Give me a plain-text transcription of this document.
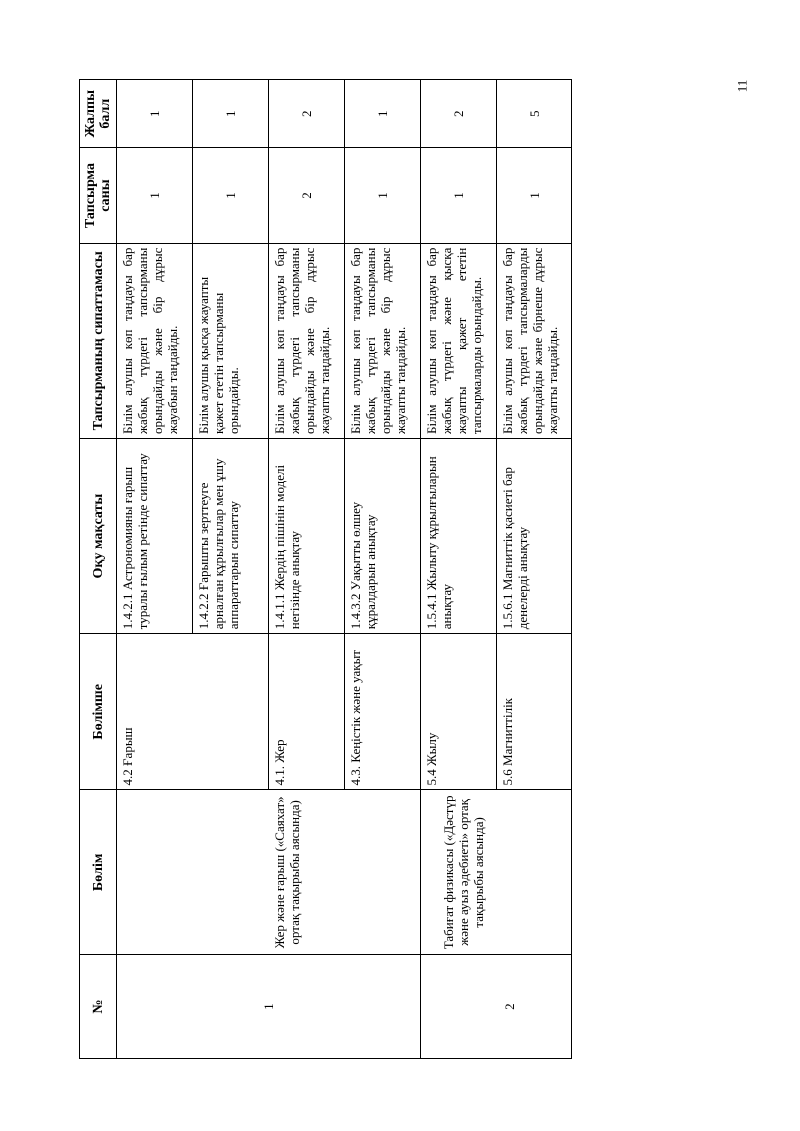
11
№	Бөлім	Бөлімше	Оқу мақсаты	Тапсырманың сипаттамасы	Тапсырма саны	Жалпы балл
1	Жер және ғарыш («Саяхат» ортақ тақырыбы аясында)	4.2 Ғарыш	1.4.2.1 Астрономияны ғарыш туралы ғылым ретінде сипаттау	Білім алушы көп таңдауы бар жабық түрдегі тапсырманы орындайды және бір дұрыс жауабын таңдайды.	1	1
			1.4.2.2 Ғарышты зерттеуге арналған құрылғылар мен ұшу аппараттарын сипаттау	Білім алушы қысқа жауапты қажет ететін тапсырманы орындайды.	1	1
		4.1. Жер	1.4.1.1 Жердің пішінін моделі негізінде анықтау	Білім алушы көп таңдауы бар жабық түрдегі тапсырманы орындайды және бір дұрыс жауапты таңдайды.	2	2
		4.3. Кеңістік және уақыт	1.4.3.2 Уақытты өлшеу құралдарын анықтау	Білім алушы көп таңдауы бар жабық түрдегі тапсырманы орындайды және бір дұрыс жауапты таңдайды.	1	1
2	Табиғат физикасы («Дәстүр және ауыз әдебиеті» ортақ тақырыбы аясында)	5.4 Жылу	1.5.4.1 Жылыту құрылғыларын анықтау	Білім алушы көп таңдауы бар жабық түрдегі және қысқа жауапты қажет ететін тапсырмаларды орындайды.	1	2
		5.6 Магниттілік	1.5.6.1 Магниттік қасиеті бар денелерді анықтау	Білім алушы көп таңдауы бар жабық түрдегі тапсырмаларды орындайды және бірнеше дұрыс жауапты таңдайды.	1	5
